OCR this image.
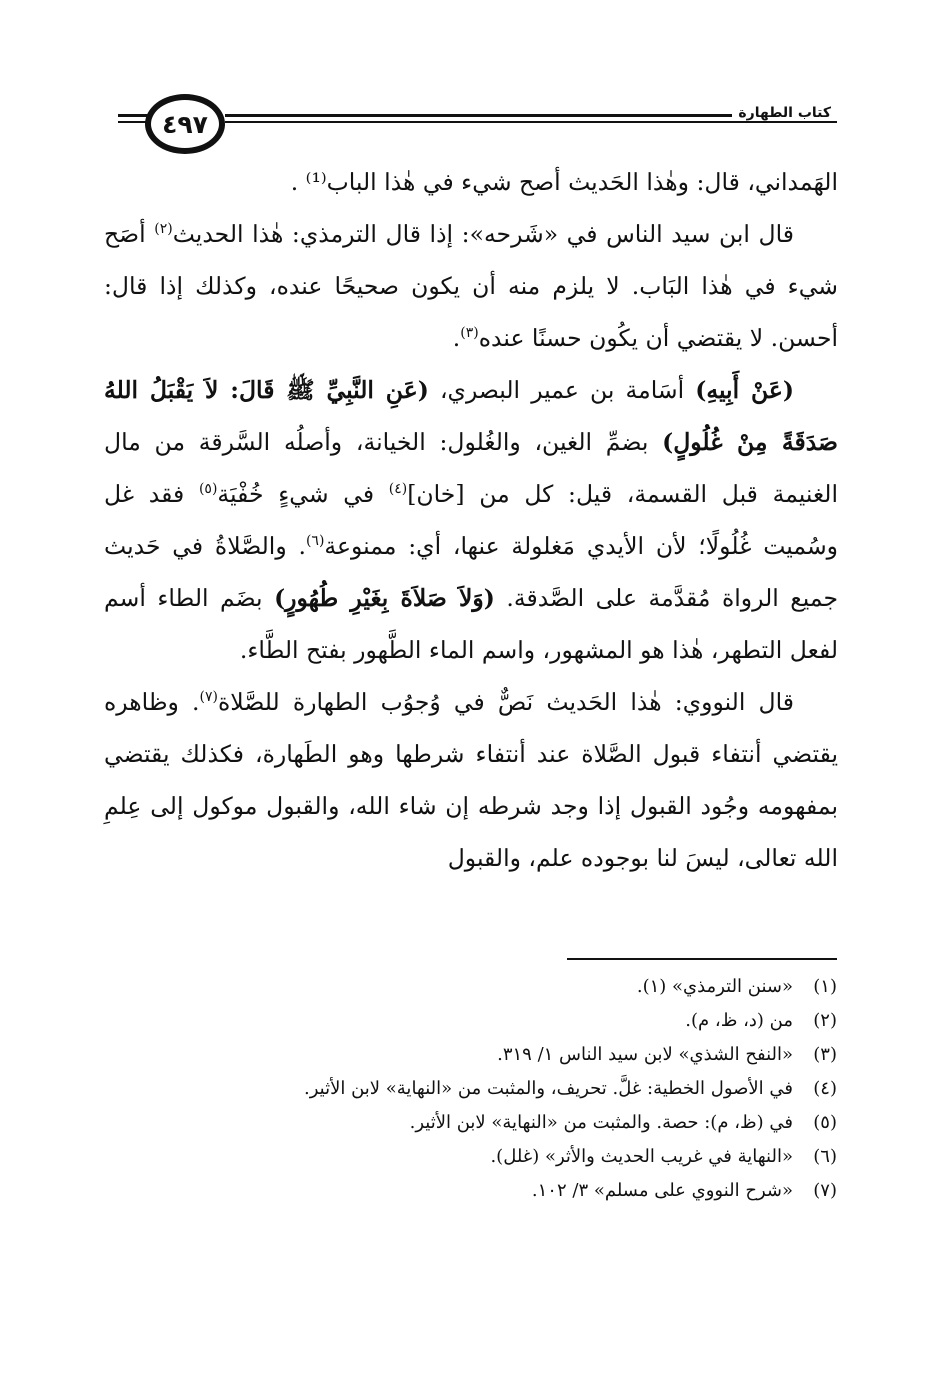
٤٩٧	كتاب الطهارة

الهَمداني، قال: وهٰذا الحَديث أصح شيء في هٰذا الباب⁽¹⁾ .

قال ابن سيد الناس في «شَرحه»: إذا قال الترمذي: هٰذا الحديث$^{(٢)}$ أصَح شيء في هٰذا البَاب. لا يلزم منه أن يكون صحيحًا عنده، وكذلك إذا قال: أحسن. لا يقتضي أن يكُون حسنًا عنده$^{(٣)}$.

(عَنْ أَبِيهِ) أسَامة بن عمير البصري، (عَنِ النَّبِيِّ ﷺ قَالَ: لاَ يَقْبَلُ اللهُ صَدَقَةً مِنْ غُلُولٍ) بضمِّ الغين، والغُلول: الخيانة، وأصلُه السَّرقة من مال الغنيمة قبل القسمة، قيل: كل من [خان]$^{(٤)}$ في شيءٍ خُفْيَة$^{(٥)}$ فقد غل وسُميت غُلُولًا؛ لأن الأيدي مَغلولة عنها، أي: ممنوعة$^{(٦)}$. والصَّلاةُ في حَديث جميع الرواة مُقدَّمة على الصَّدقة. (وَلاَ صَلاَةَ بِغَيْرِ طُهُورٍ) بضَم الطاء أسم لفعل التطهر، هٰذا هو المشهور، واسم الماء الطَّهور بفتح الطَّاء.

قال النووي: هٰذا الحَديث نَصٌّ في وُجوُب الطهارة للصَّلاة$^{(٧)}$. وظاهره يقتضي أنتفاء قبول الصَّلاة عند أنتفاء شرطها وهو الطَهارة، فكذلك يقتضي بمفهومه وجُود القبول إذا وجد شرطه إن شاء الله، والقبول موكول إلى عِلمِ الله تعالى، ليسَ لنا بوجوده علم، والقبول

(١)«سنن الترمذي» (١).
(٢)من (د، ظ، م).
(٣)«النفح الشذي» لابن سيد الناس ١/ ٣١٩.
(٤)في الأصول الخطية: غلَّ. تحريف، والمثبت من «النهاية» لابن الأثير.
(٥)في (ظ، م): حصة. والمثبت من «النهاية» لابن الأثير.
(٦)«النهاية في غريب الحديث والأثر» (غلل).
(٧)«شرح النووي على مسلم» ٣/ ١٠٢.
